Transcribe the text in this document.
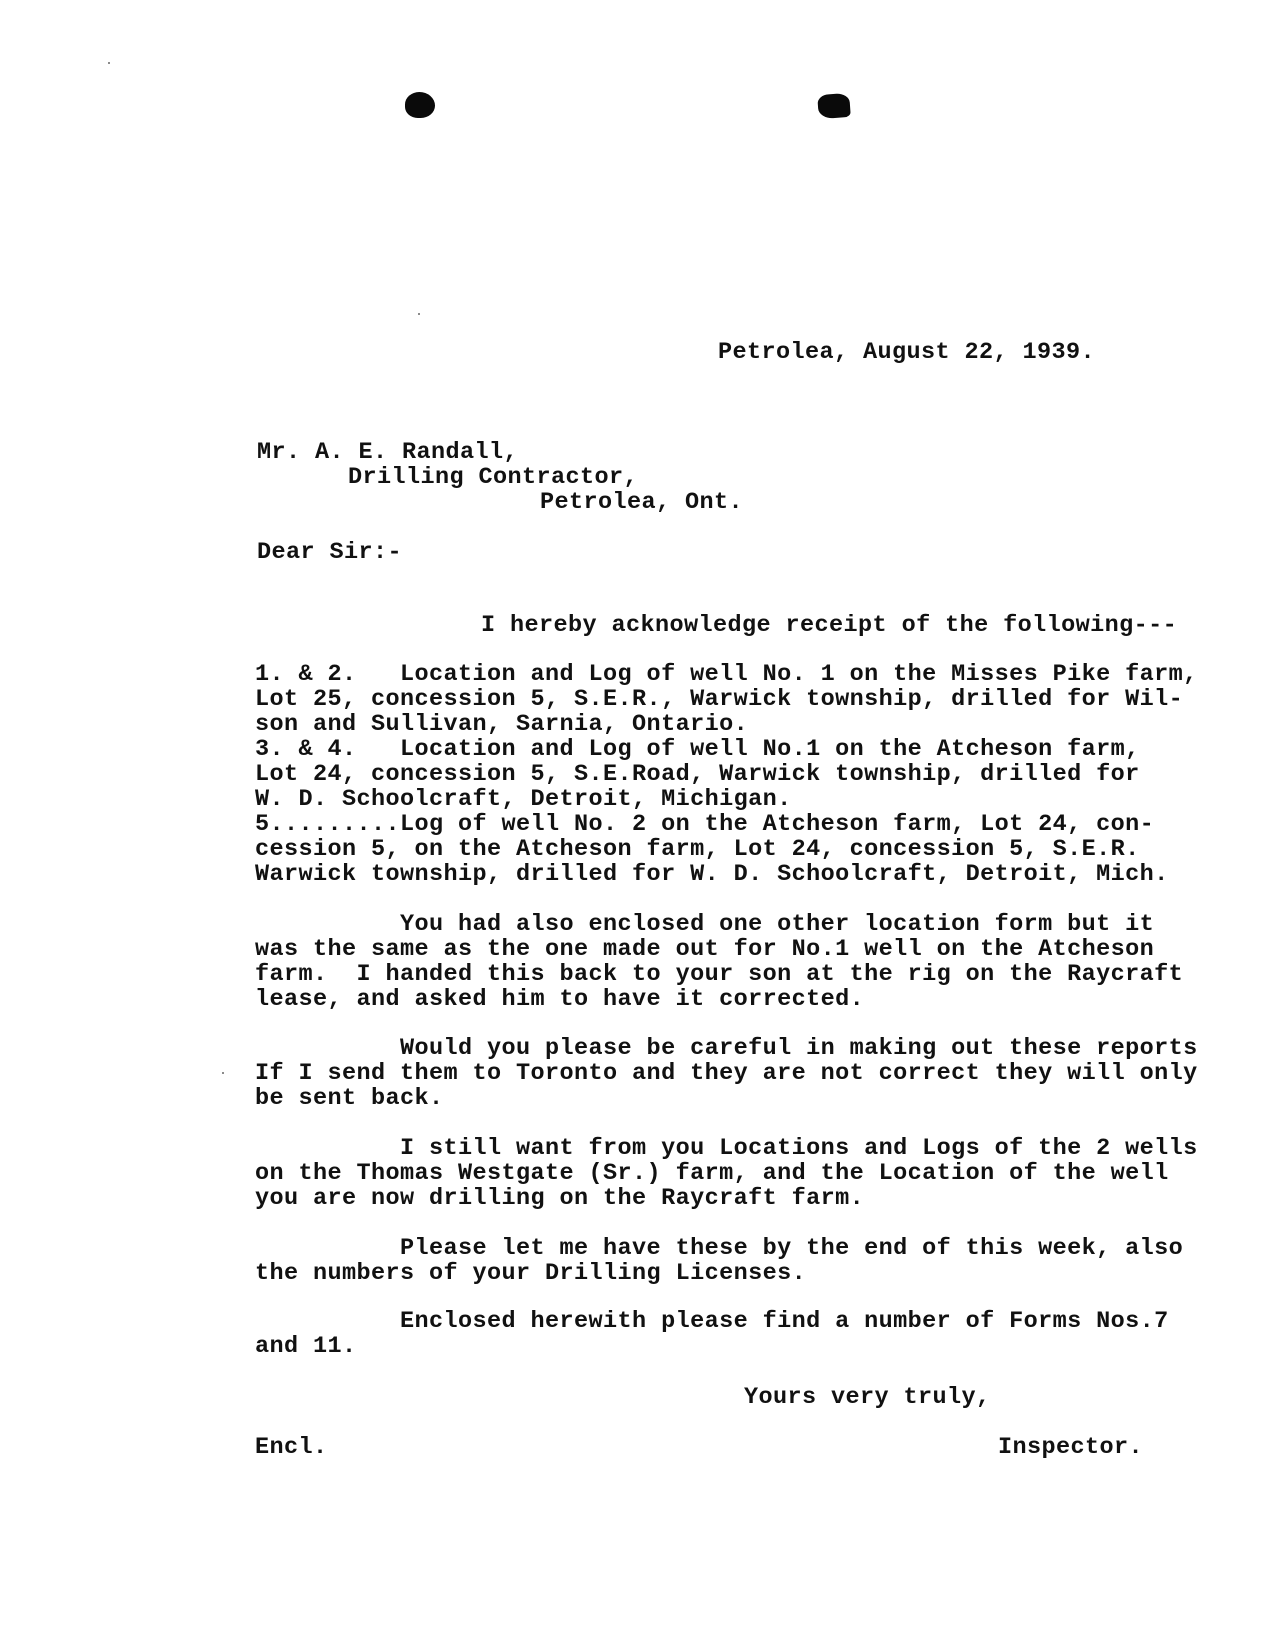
Petrolea, August 22, 1939.
Mr. A. E. Randall,
Drilling Contractor,
Petrolea, Ont.
Dear Sir:-
I hereby acknowledge receipt of the following---
1. & 2.   Location and Log of well No. 1 on the Misses Pike farm,
Lot 25, concession 5, S.E.R., Warwick township, drilled for Wil-
son and Sullivan, Sarnia, Ontario.
3. & 4.   Location and Log of well No.1 on the Atcheson farm,
Lot 24, concession 5, S.E.Road, Warwick township, drilled for
W. D. Schoolcraft, Detroit, Michigan.
5.........Log of well No. 2 on the Atcheson farm, Lot 24, con-
cession 5, on the Atcheson farm, Lot 24, concession 5, S.E.R.
Warwick township, drilled for W. D. Schoolcraft, Detroit, Mich.
You had also enclosed one other location form but it
was the same as the one made out for No.1 well on the Atcheson
farm.  I handed this back to your son at the rig on the Raycraft
lease, and asked him to have it corrected.
Would you please be careful in making out these reports
If I send them to Toronto and they are not correct they will only
be sent back.
I still want from you Locations and Logs of the 2 wells
on the Thomas Westgate (Sr.) farm, and the Location of the well
you are now drilling on the Raycraft farm.
Please let me have these by the end of this week, also
the numbers of your Drilling Licenses.
Enclosed herewith please find a number of Forms Nos.7
and 11.
Yours very truly,
Encl.	Inspector.
